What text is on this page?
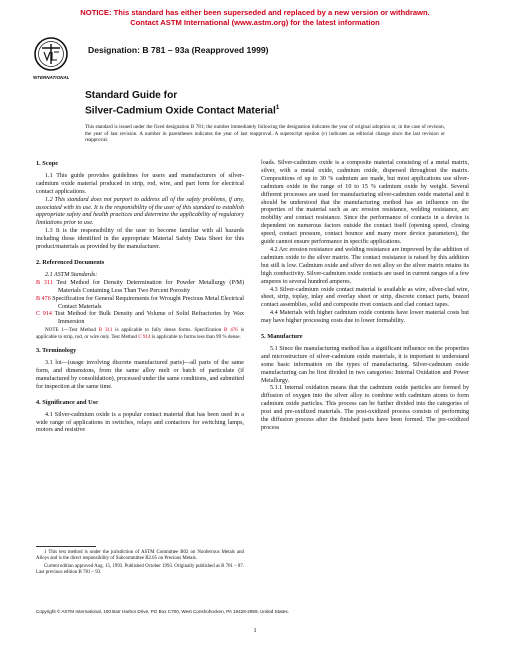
NOTICE: This standard has either been superseded and replaced by a new version or withdrawn.
Contact ASTM International (www.astm.org) for the latest information
INTERNATIONAL
Designation: B 781 – 93a (Reapproved 1999)
Standard Guide for
Silver-Cadmium Oxide Contact Material$^1$
This standard is issued under the fixed designation B 781; the number immediately following the designation indicates the year of original adoption or, in the case of revision, the year of last revision. A number in parentheses indicates the year of last reapproval. A superscript epsilon (ε) indicates an editorial change since the last revision or reapproval.
1. Scope

1.1 This guide provides guidelines for users and manufacturers of silver-cadmium oxide material produced in strip, rod, wire, and part form for electrical contact applications.

1.2 This standard does not purport to address all of the safety problems, if any, associated with its use. It is the responsibility of the user of this standard to establish appropriate safety and health practices and determine the applicability of regulatory limitations prior to use.

1.3 It is the responsibility of the user to become familiar with all hazards including those identified in the appropriate Material Safety Data Sheet for this product/materials as provided by the manufacturer.

2. Referenced Documents

2.1 ASTM Standards:

B 311 Test Method for Density Determination for Powder Metallurgy (P/M) Materials Containing Less Than Two Percent Porosity

B 476 Specification for General Requirements for Wrought Precious Metal Electrical Contact Materials

C 914 Test Method for Bulk Density and Volume of Solid Refractories by Wax Immersion

NOTE 1—Test Method B 311 is applicable to fully dense forms. Specification B 476 is applicable to strip, rod, or wire only. Test Method C 914 is applicable to forms less than 99 % dense.

3. Terminology

3.1 lot—(usage involving discrete manufactured parts)—all parts of the same form, and dimensions, from the same alloy melt or batch of particulate (if manufactured by consolidation), processed under the same conditions, and submitted for inspection at the same time.

4. Significance and Use

4.1 Silver-cadmium oxide is a popular contact material that has been used in a wide range of applications in switches, relays and contactors for switching lamps, motors and resistive

loads. Silver-cadmium oxide is a composite material consisting of a metal matrix, silver, with a metal oxide, cadmium oxide, dispersed throughout the matrix. Compositions of up to 30 % cadmium are made, but most applications use silver-cadmium oxide in the range of 10 to 15 % cadmium oxide by weight. Several different processes are used for manufacturing silver-cadmium oxide material and it should be understood that the manufacturing method has an influence on the properties of the material such as arc erosion resistance, welding resistance, arc mobility and contact resistance. Since the performance of contacts in a device is dependent on numerous factors outside the contact itself (opening speed, closing speed, contact pressure, contact bounce and many more device parameters), the guide cannot ensure performance in specific applications.

4.2 Arc erosion resistance and welding resistance are improved by the addition of cadmium oxide to the silver matrix. The contact resistance is raised by this addition but still is low. Cadmium oxide and silver do not alloy so the silver matrix retains its high conductivity. Silver-cadmium oxide contacts are used in current ranges of a few amperes to several hundred amperes.

4.3 Silver-cadmium oxide contact material is available as wire, silver-clad wire, sheet, strip, toplay, inlay and overlay sheet or strip, discrete contact parts, brazed contact assemblies, solid and composite rivet contacts and clad contact tapes.

4.4 Materials with higher cadmium oxide contents have lower material costs but may have higher processing costs due to lower formability.

5. Manufacture

5.1 Since the manufacturing method has a significant influence on the properties and microstructure of silver-cadmium oxide materials, it is important to understand some basic information on the types of manufacturing. Silver-cadmium oxide manufacturing can be first divided in two categories: Internal Oxidation and Power Metallurgy.

5.1.1 Internal oxidation means that the cadmium oxide particles are formed by diffusion of oxygen into the silver alloy to combine with cadmium atoms to form cadmium oxide particles. This process can be further divided into the categories of post and pre-oxidized materials. The post-oxidized process consists of performing the diffusion process after the finished parts have been formed. The pre-oxidized process

1 This test method is under the jurisdiction of ASTM Committee B02 on Nonferrous Metals and Alloys and is the direct responsibility of Subcommittee B2.05 on Precious Metals.

Current edition approved Aug. 15, 1993. Published October 1993. Originally published as B 781 – 87. Last previous edition B 781 – 93.

Copyright © ASTM International, 100 Barr Harbor Drive, PO Box C700, West Conshohocken, PA 19428-2959, United States.
1
